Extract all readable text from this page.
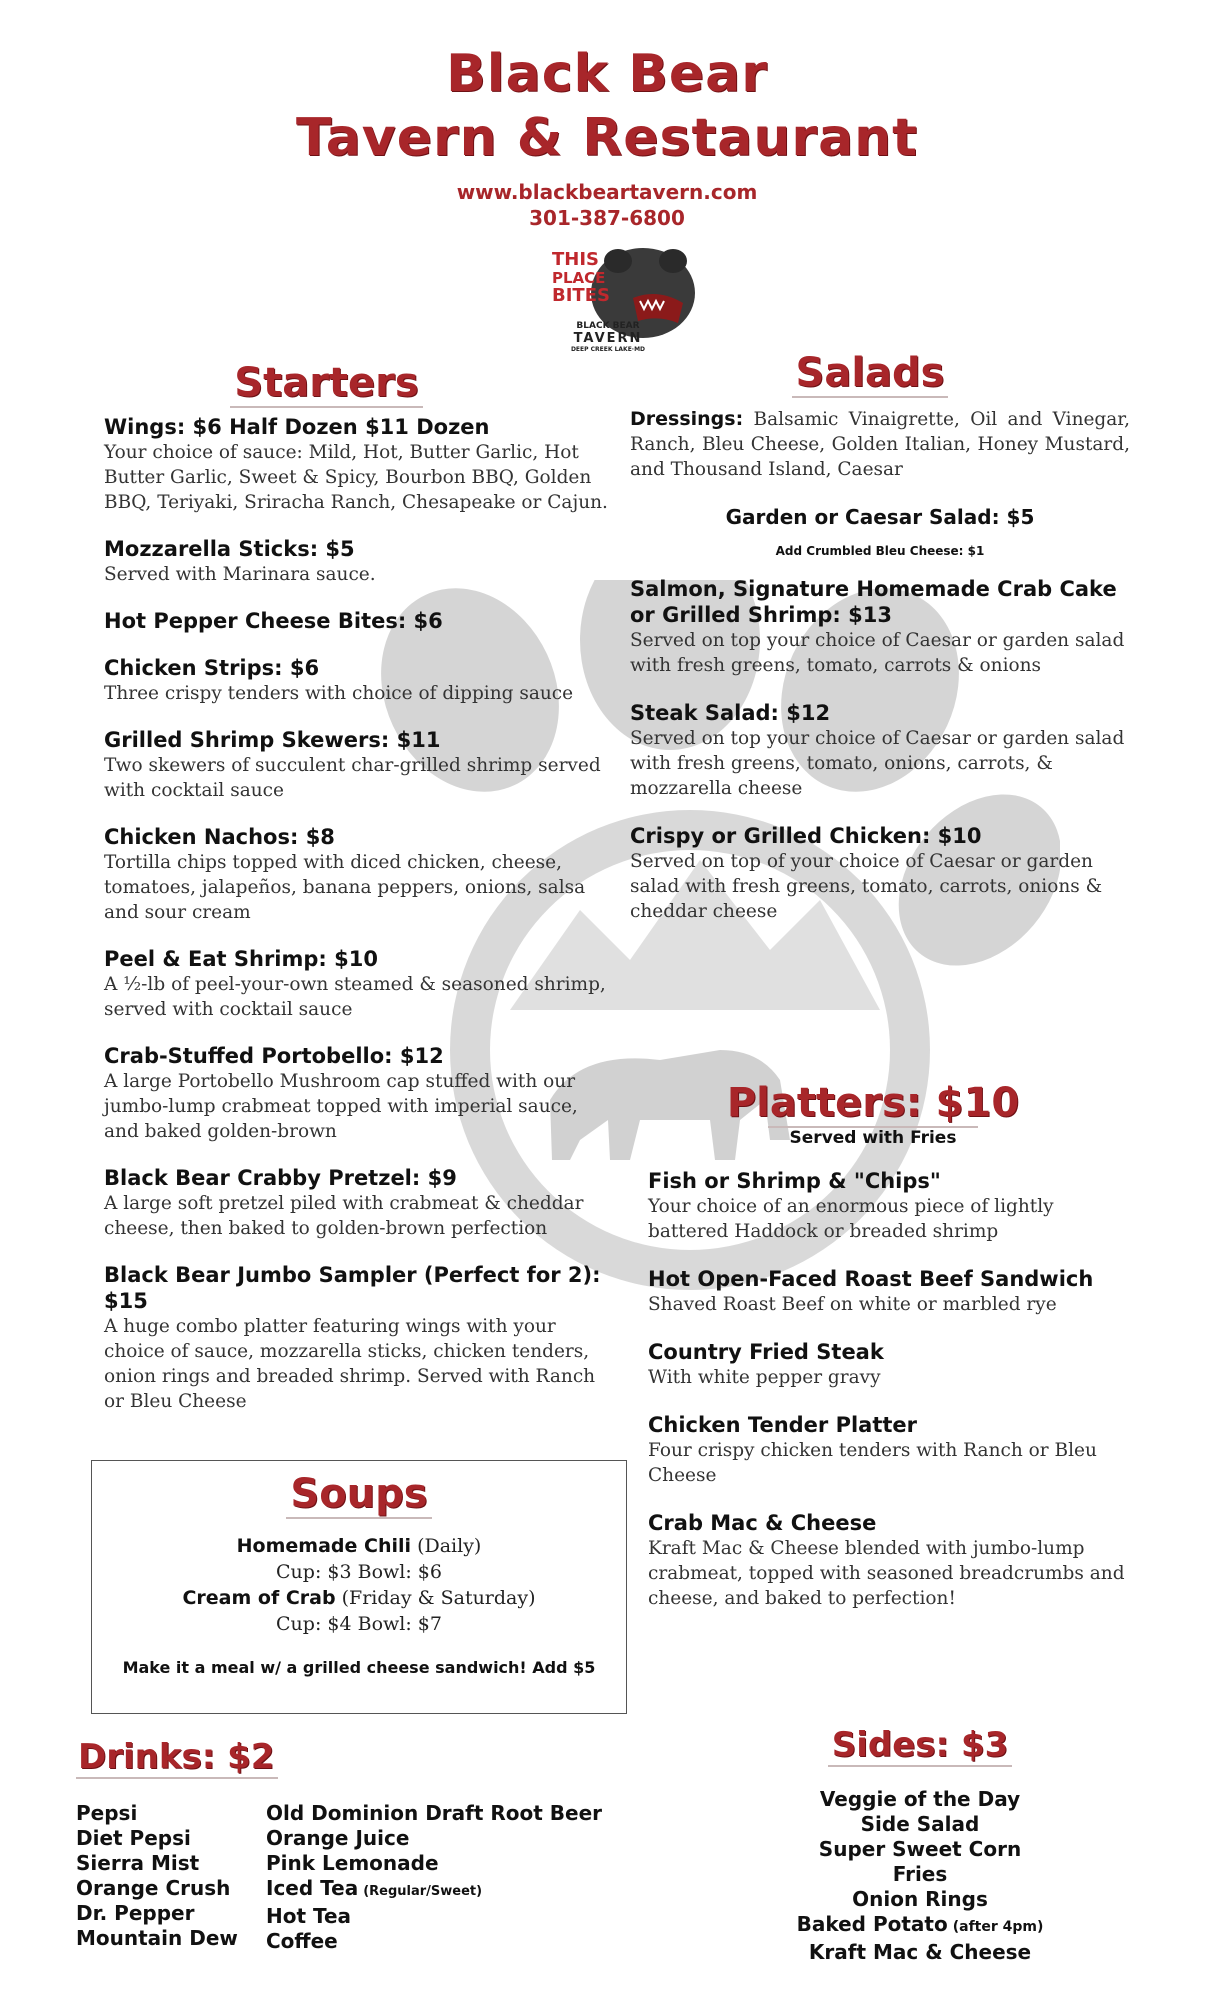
Black Bear
Tavern & Restaurant
www.blackbeartavern.com
301-387-6800
THIS
PLACE
BITES
BLACK BEAR
TAVERN
DEEP CREEK LAKE·MD
Starters
Wings: $6 Half Dozen $11 Dozen
Your choice of sauce: Mild, Hot, Butter Garlic, Hot Butter Garlic, Sweet & Spicy, Bourbon BBQ, Golden BBQ, Teriyaki, Sriracha Ranch, Chesapeake or Cajun.
Mozzarella Sticks: $5
Served with Marinara sauce.
Hot Pepper Cheese Bites: $6
Chicken Strips: $6
Three crispy tenders with choice of dipping sauce
Grilled Shrimp Skewers: $11
Two skewers of succulent char-grilled shrimp served with cocktail sauce
Chicken Nachos: $8
Tortilla chips topped with diced chicken, cheese, tomatoes, jalapeños, banana peppers, onions, salsa and sour cream
Peel & Eat Shrimp: $10
A ½-lb of peel-your-own steamed & seasoned shrimp, served with cocktail sauce
Crab-Stuffed Portobello: $12
A large Portobello Mushroom cap stuffed with our jumbo-lump crabmeat topped with imperial sauce, and baked golden-brown
Black Bear Crabby Pretzel: $9
A large soft pretzel piled with crabmeat & cheddar cheese, then baked to golden-brown perfection
Black Bear Jumbo Sampler (Perfect for 2): $15
A huge combo platter featuring wings with your choice of sauce, mozzarella sticks, chicken tenders, onion rings and breaded shrimp. Served with Ranch or Bleu Cheese
Soups
Homemade Chili (Daily)
Cup: $3 Bowl: $6
Cream of Crab (Friday & Saturday)
Cup: $4 Bowl: $7
Make it a meal w/ a grilled cheese sandwich! Add $5
Salads
Dressings: Balsamic Vinaigrette, Oil and Vinegar, Ranch, Bleu Cheese, Golden Italian, Honey Mustard, and Thousand Island, Caesar
Garden or Caesar Salad: $5
Add Crumbled Bleu Cheese: $1
Salmon, Signature Homemade Crab Cake or Grilled Shrimp: $13
Served on top your choice of Caesar or garden salad with fresh greens, tomato, carrots & onions
Steak Salad: $12
Served on top your choice of Caesar or garden salad with fresh greens, tomato, onions, carrots, & mozzarella cheese
Crispy or Grilled Chicken: $10
Served on top of your choice of Caesar or garden salad with fresh greens, tomato, carrots, onions & cheddar cheese
Platters: $10
Served with Fries
Fish or Shrimp & "Chips"
Your choice of an enormous piece of lightly battered Haddock or breaded shrimp
Hot Open-Faced Roast Beef Sandwich
Shaved Roast Beef on white or marbled rye
Country Fried Steak
With white pepper gravy
Chicken Tender Platter
Four crispy chicken tenders with Ranch or Bleu Cheese
Crab Mac & Cheese
Kraft Mac & Cheese blended with jumbo-lump crabmeat, topped with seasoned breadcrumbs and cheese, and baked to perfection!
Drinks: $2
Pepsi
Diet Pepsi
Sierra Mist
Orange Crush
Dr. Pepper
Mountain Dew
Old Dominion Draft Root Beer
Orange Juice
Pink Lemonade
Iced Tea (Regular/Sweet)
Hot Tea
Coffee
Sides: $3
Veggie of the Day
Side Salad
Super Sweet Corn
Fries
Onion Rings
Baked Potato (after 4pm)
Kraft Mac & Cheese
